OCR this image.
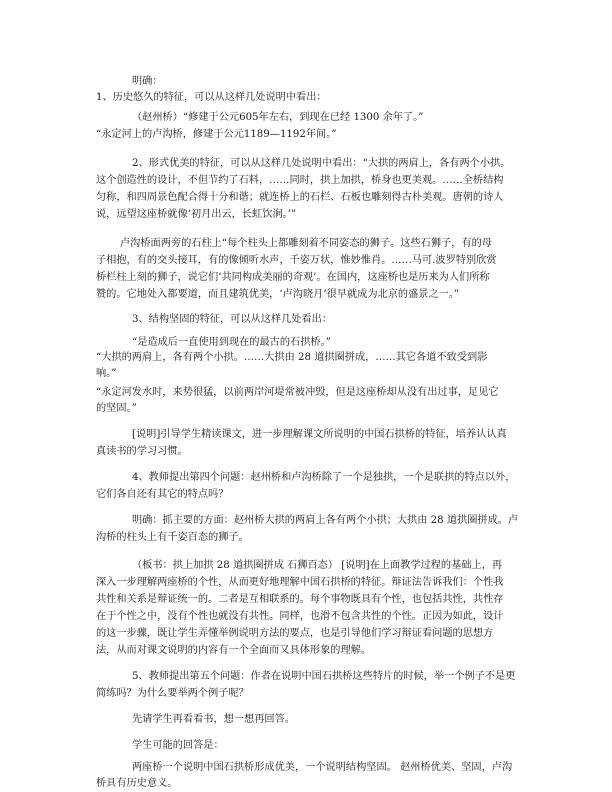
明确：
1、历史悠久的特征，可以从这样几处说明中看出：
（赵州桥）“修建于公元605年左右，到现在已经 1300 余年了。”
“永定河上的卢沟桥，修建于公元1189—1192年间。”
2、形式优美的特征，可以从这样几处说明中看出：“大拱的两肩上，各有两个小拱。
这个创造性的设计，不但节约了石料，……同时，拱上加拱，桥身也更美观。……全桥结构
匀称，和四周景色配合得十分和谐；就连桥上的石栏、石板也雕刻得古朴美观。唐朝的诗人
说，远望这座桥就像‘初月出云，长虹饮涧。’”
卢沟桥面两旁的石柱上“每个柱头上都雕刻着不同姿态的狮子。这些石狮子，有的母
子相抱，有的交头接耳，有的像倾听水声，千姿万状，惟妙惟肖。……马可.波罗特别欣赏
桥栏柱上刻的狮子，说它们‘共同构成美丽的奇观’。在国内，这座桥也是历来为人们所称
赞的。它地处入都要道，而且建筑优美，‘卢沟晓月’很早就成为北京的盛景之一。”
3、结构坚固的特征，可以从这样几处看出：
“是造成后一直使用到现在的最古的石拱桥。”
“大拱的两肩上，各有两个小拱。……大拱由 28 道拱圈拼成，……其它各道不致受到影
响。”
“永定河发水时，来势很猛，以前两岸河堤常被冲毁，但是这座桥却从没有出过事，足见它
的坚固。”
[说明]引导学生精读课文，进一步理解课文所说明的中国石拱桥的特征，培养认认真
真读书的学习习惯。
4、教师提出第四个问题：赵州桥和卢沟桥除了一个是独拱，一个是联拱的特点以外，
它们各自还有其它的特点吗？
明确：抓主要的方面：赵州桥大拱的两肩上各有两个小拱；大拱由 28 道拱圈拼成。卢
沟桥的柱头上有千姿百态的狮子。
（板书：拱上加拱 28 道拱圈拼成 石狮百态） [说明]在上面教学过程的基础上，再
深入一步理解两座桥的个性，从而更好地理解中国石拱桥的特征。辩证法告诉我们：个性我
共性和关系是辩证统一的。二者是互相联系的。每个事物既具有个性，也包括共性，共性存
在于个性之中，没有个性也就没有共性。同样，也滑不包含共性的个性。正因为如此，设计
的这一步骤，既让学生弄懂举例说明方法的要点，也是引导他们学习辩证看问题的思想方
法，从而对课文说明的内容有一个全面而又具体形象的理解。
5、教师提出第五个问题：作者在说明中国石拱桥这些特片的时候，举一个例子不是更
简练吗？为什么要举两个例子呢？
先请学生再看看书，想一想再回答。
学生可能的回答是：
两座桥一个说明中国石拱桥形成优美，一个说明结构坚固。 赵州桥优美、坚固，卢沟
桥具有历史意义。
